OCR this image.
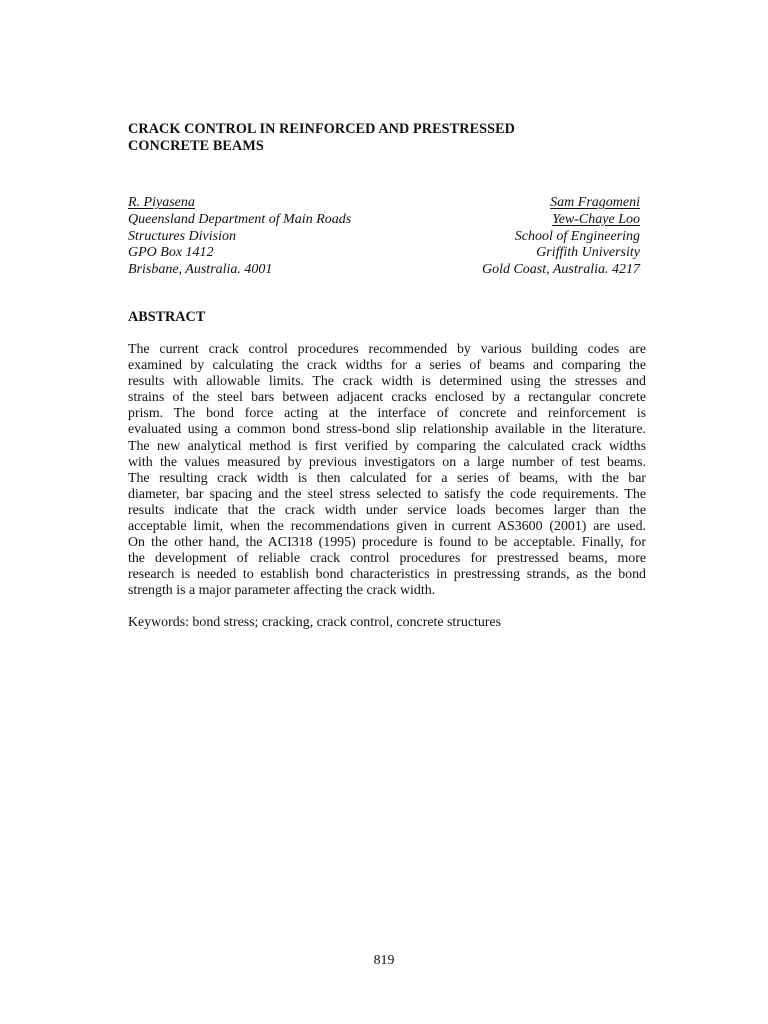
CRACK CONTROL IN REINFORCED AND PRESTRESSED
CONCRETE BEAMS
R. Piyasena
Queensland Department of Main Roads
Structures Division
GPO Box 1412
Brisbane, Australia. 4001
Sam Fragomeni
Yew-Chaye Loo
School of Engineering
Griffith University
Gold Coast, Australia. 4217
ABSTRACT
The current crack control procedures recommended by various building codes are
examined by calculating the crack widths for a series of beams and comparing the
results with allowable limits. The crack width is determined using the stresses and
strains of the steel bars between adjacent cracks enclosed by a rectangular concrete
prism. The bond force acting at the interface of concrete and reinforcement is
evaluated using a common bond stress-bond slip relationship available in the literature.
The new analytical method is first verified by comparing the calculated crack widths
with the values measured by previous investigators on a large number of test beams.
The resulting crack width is then calculated for a series of beams, with the bar
diameter, bar spacing and the steel stress selected to satisfy the code requirements. The
results indicate that the crack width under service loads becomes larger than the
acceptable limit, when the recommendations given in current AS3600 (2001) are used.
On the other hand, the ACI318 (1995) procedure is found to be acceptable. Finally, for
the development of reliable crack control procedures for prestressed beams, more
research is needed to establish bond characteristics in prestressing strands, as the bond
strength is a major parameter affecting the crack width.
Keywords: bond stress; cracking, crack control, concrete structures
819
